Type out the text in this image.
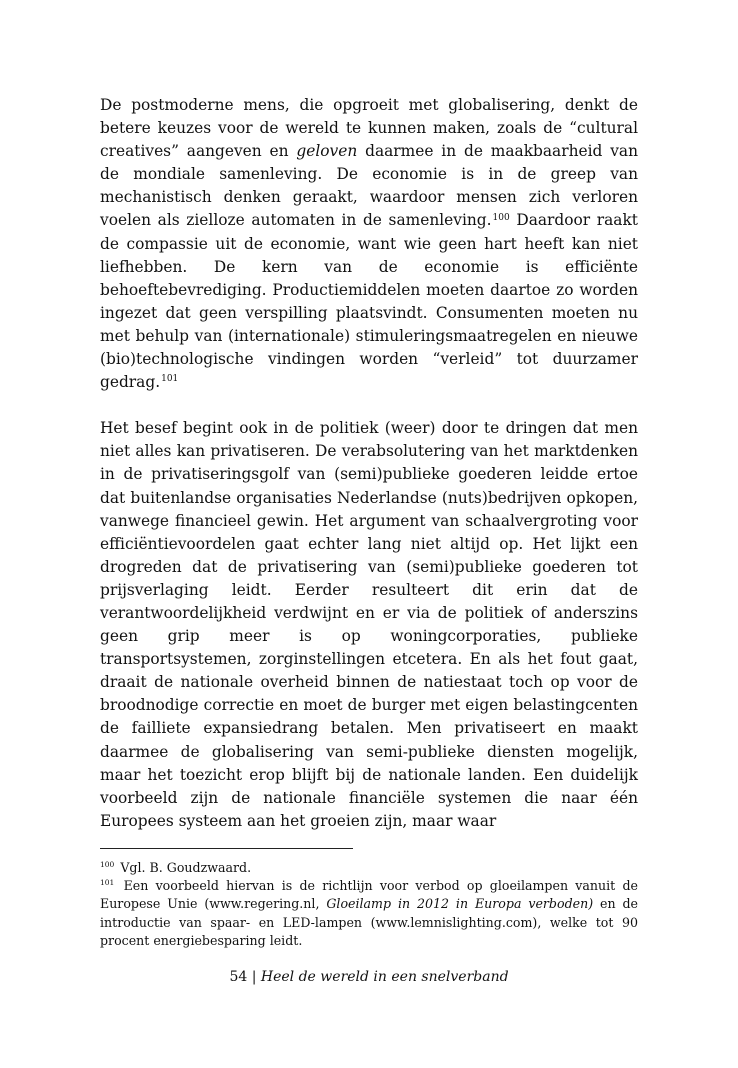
De postmoderne mens, die opgroeit met globalisering, denkt de betere keuzes voor de wereld te kunnen maken, zoals de “cultural creatives” aangeven en geloven daarmee in de maakbaarheid van de mondiale samenleving. De economie is in de greep van mechanistisch denken geraakt, waardoor mensen zich verloren voelen als zielloze automaten in de samenleving.$^{100}$ Daardoor raakt de compassie uit de economie, want wie geen hart heeft kan niet liefhebben. De kern van de economie is efficiënte behoeftebevrediging. Productiemiddelen moeten daartoe zo worden ingezet dat geen verspilling plaatsvindt. Consumenten moeten nu met behulp van (internationale) stimuleringsmaatregelen en nieuwe (bio)technologische vindingen worden “verleid” tot duurzamer gedrag.$^{101}$

Het besef begint ook in de politiek (weer) door te dringen dat men niet alles kan privatiseren. De verabsolutering van het marktdenken in de privatiseringsgolf van (semi)publieke goederen leidde ertoe dat buitenlandse organisaties Nederlandse (nuts)bedrijven opkopen, vanwege financieel gewin. Het argument van schaalvergroting voor efficiëntievoordelen gaat echter lang niet altijd op. Het lijkt een drogreden dat de privatisering van (semi)publieke goederen tot prijsverlaging leidt. Eerder resulteert dit erin dat de verantwoordelijkheid verdwijnt en er via de politiek of anderszins geen grip meer is op woningcorporaties, publieke transportsystemen, zorginstellingen etcetera. En als het fout gaat, draait de nationale overheid binnen de natiestaat toch op voor de broodnodige correctie en moet de burger met eigen belastingcenten de failliete expansiedrang betalen. Men privatiseert en maakt daarmee de globalisering van semi-publieke diensten mogelijk, maar het toezicht erop blijft bij de nationale landen. Een duidelijk voorbeeld zijn de nationale financiële systemen die naar één Europees systeem aan het groeien zijn, maar waar

$^{100}$ Vgl. B. Goudzwaard.

$^{101}$ Een voorbeeld hiervan is de richtlijn voor verbod op gloeilampen vanuit de Europese Unie (www.regering.nl, Gloeilamp in 2012 in Europa verboden) en de introductie van spaar- en LED-lampen (www.lemnislighting.com), welke tot 90 procent energiebesparing leidt.

54 | Heel de wereld in een snelverband
